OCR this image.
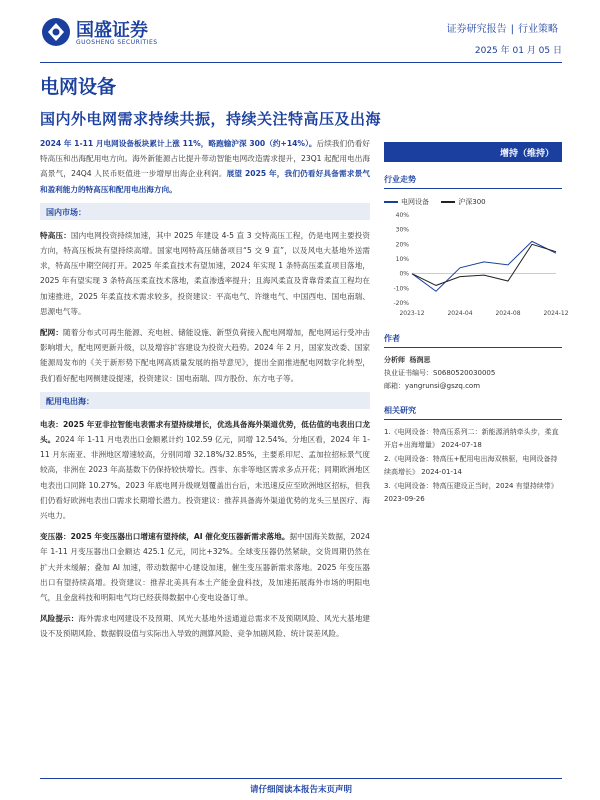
国盛证券
GUOSHENG SECURITIES
证券研究报告 | 行业策略
2025 年 01 月 05 日
电网设备
国内外电网需求持续共振，持续关注特高压及出海

2024 年 1-11 月电网设备板块累计上涨 11%，略跑输沪深 300（约+14%）。后续我们仍看好特高压和出海配用电方向。海外新能源占比提升带动智能电网改造需求提升，23Q1 起配用电出海高景气，24Q4 人民币贬值进一步增厚出海企业利润。展望 2025 年，我们仍看好具备需求景气和盈利能力的特高压和配用电出海方向。

国内市场：

特高压：国内电网投资持续加速，其中 2025 年建设 4-5 直 3 交特高压工程，仍是电网主要投资方向，特高压板块有望持续高增。国家电网特高压储备项目“5 交 9 直”，以及风电大基地外送需求，特高压中期空间打开。2025 年柔直技术有望加速，2024 年实现 1 条特高压柔直项目落地，2025 年有望实现 3 条特高压柔直技术落地，柔直渗透率提升；且海风柔直及背靠背柔直工程均在加速推进，2025 年柔直技术需求较多，投资建议：平高电气、许继电气、中国西电、国电南瑞、思源电气等。

配网：随着分布式可再生能源、充电桩、储能设施、新型负荷接入配电网增加，配电网运行受冲击影响增大，配电网更新升级，以及增容扩容建设为投资大趋势。2024 年 2 月，国家发改委、国家能源局发布的《关于新形势下配电网高质量发展的指导意见》，提出全面推进配电网数字化转型，我们看好配电网侧建设提速，投资建议：国电南瑞、四方股份、东方电子等。

配用电出海：

电表：2025 年亚非拉智能电表需求有望持续增长，优选具备海外渠道优势，低估值的电表出口龙头。2024 年 1-11 月电表出口金额累计约 102.59 亿元，同增 12.54%。分地区看，2024 年 1-11 月东南亚、非洲地区增速较高，分别同增 32.18%/32.85%，主要系印尼、孟加拉招标景气度较高，非洲在 2023 年高基数下仍保持较快增长。西非、东非等地区需求多点开花；同期欧洲地区电表出口同降 10.27%。2023 年底电网升级规划覆盖出台后，未迅速反应至欧洲地区招标，但我们仍看好欧洲电表出口需求长期增长潜力。投资建议：推荐具备海外渠道优势的龙头三星医疗、海兴电力。

变压器：2025 年变压器出口增速有望持续，AI 催化变压器新需求落地。据中国海关数据，2024 年 1-11 月变压器出口金额达 425.1 亿元，同比+32%。全球变压器仍然紧缺，交货周期仍然在扩大并未缓解；叠加 AI 加速，带动数据中心建设加速，催生变压器新需求落地。2025 年变压器出口有望持续高增。投资建议：推荐北美具有本土产能金盘科技，及加速拓展海外市场的明阳电气，且金盘科技和明阳电气均已经获得数据中心变电设备订单。

风险提示：海外需求电网建设不及预期、风光大基地外送通道总需求不及预期风险、风光大基地建设不及预期风险、数据假设值与实际出入导致的测算风险、竞争加剧风险、统计误差风险。

增持（维持）
行业走势
电网设备
	沪深300
40%
30%
20%
10%
0%
-10%
-20%
2023-12	2024-04	2024-08	2024-12
作者
分析师 杨润思
执业证书编号：S0680520030005
邮箱：yangrunsi@gszq.com
相关研究
1.《电网设备：特高压系列二：新能源消纳牵头步，柔直开启+出海增量》 2024-07-18
2.《电网设备：特高压+配用电出海双核驱，电网设备持续高增长》 2024-01-14
3.《电网设备：特高压建设正当时，2024 有望持续带》 2023-09-26
请仔细阅读本报告末页声明
